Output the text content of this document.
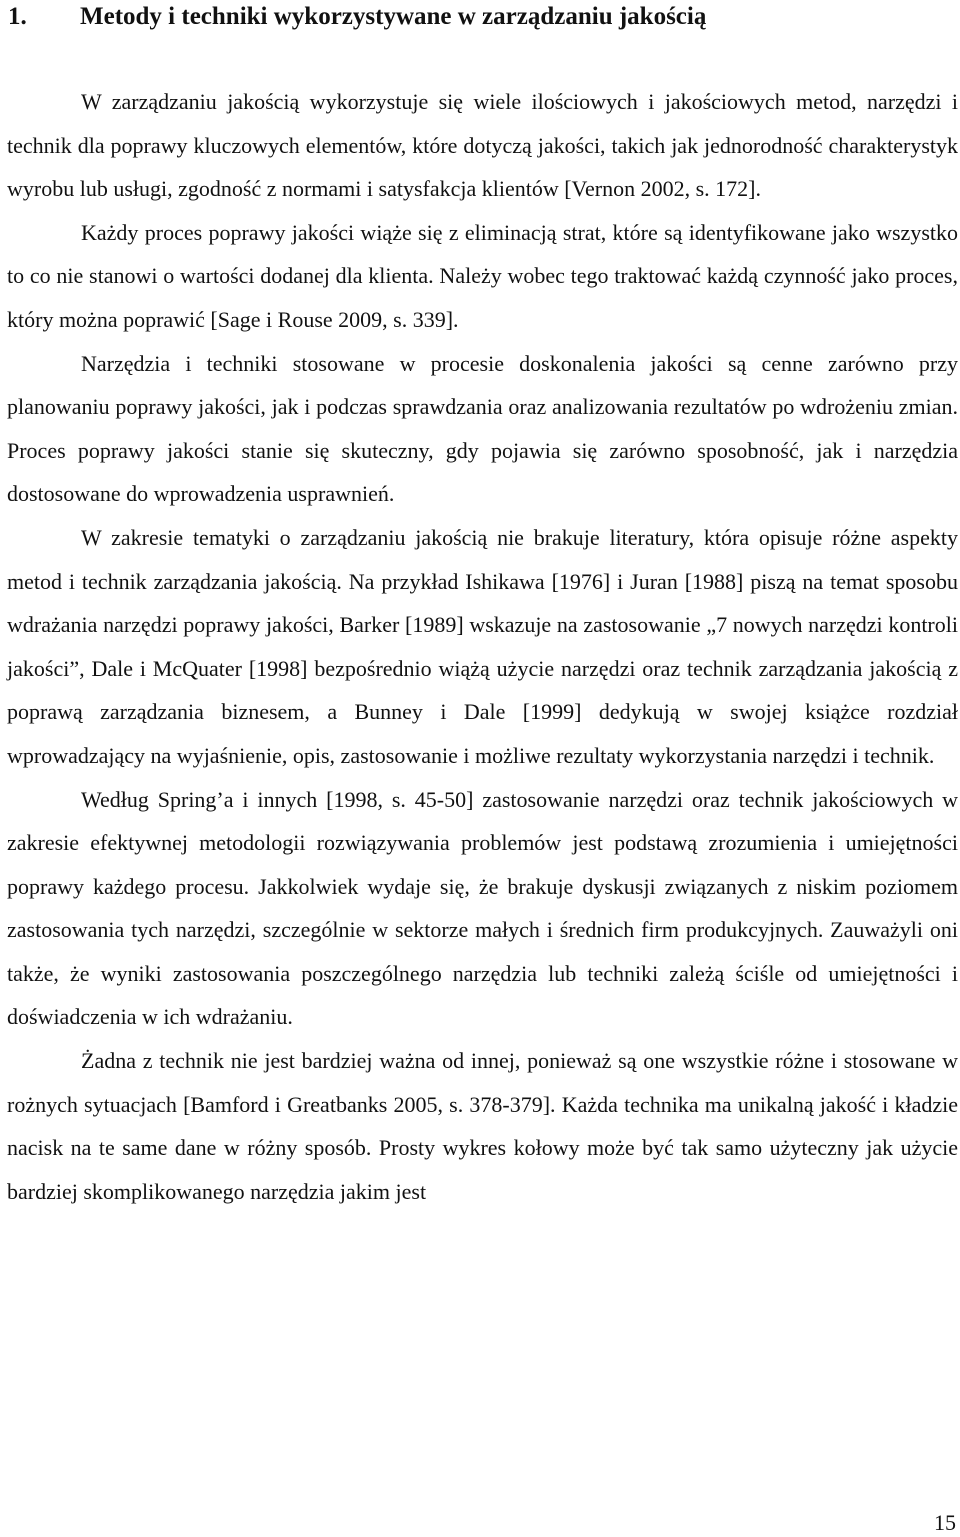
1. Metody i techniki wykorzystywane w zarządzaniu jakością

W zarządzaniu jakością wykorzystuje się wiele ilościowych i jakościowych metod, narzędzi i technik dla poprawy kluczowych elementów, które dotyczą jakości, takich jak jednorodność charakterystyk wyrobu lub usługi, zgodność z normami i satysfakcja klientów [Vernon 2002, s. 172].

Każdy proces poprawy jakości wiąże się z eliminacją strat, które są identyfikowane jako wszystko to co nie stanowi o wartości dodanej dla klienta. Należy wobec tego traktować każdą czynność jako proces, który można poprawić [Sage i Rouse 2009, s. 339].

Narzędzia i techniki stosowane w procesie doskonalenia jakości są cenne zarówno przy planowaniu poprawy jakości, jak i podczas sprawdzania oraz analizowania rezultatów po wdrożeniu zmian. Proces poprawy jakości stanie się skuteczny, gdy pojawia się zarówno sposobność, jak i narzędzia dostosowane do wprowadzenia usprawnień.

W zakresie tematyki o zarządzaniu jakością nie brakuje literatury, która opisuje różne aspekty metod i technik zarządzania jakością. Na przykład Ishikawa [1976] i Juran [1988] piszą na temat sposobu wdrażania narzędzi poprawy jakości, Barker [1989] wskazuje na zastosowanie „7 nowych narzędzi kontroli jakości”, Dale i McQuater [1998] bezpośrednio wiążą użycie narzędzi oraz technik zarządzania jakością z poprawą zarządzania biznesem, a Bunney i Dale [1999] dedykują w swojej książce rozdział wprowadzający na wyjaśnienie, opis, zastosowanie i możliwe rezultaty wykorzystania narzędzi i technik.

Według Spring’a i innych [1998, s. 45-50] zastosowanie narzędzi oraz technik jakościowych w zakresie efektywnej metodologii rozwiązywania problemów jest podstawą zrozumienia i umiejętności poprawy każdego procesu. Jakkolwiek wydaje się, że brakuje dyskusji związanych z niskim poziomem zastosowania tych narzędzi, szczególnie w sektorze małych i średnich firm produkcyjnych. Zauważyli oni także, że wyniki zastosowania poszczególnego narzędzia lub techniki zależą ściśle od umiejętności i doświadczenia w ich wdrażaniu.

Żadna z technik nie jest bardziej ważna od innej, ponieważ są one wszystkie różne i stosowane w rożnych sytuacjach [Bamford i Greatbanks 2005, s. 378-379]. Każda technika ma unikalną jakość i kładzie nacisk na te same dane w różny sposób. Prosty wykres kołowy może być tak samo użyteczny jak użycie bardziej skomplikowanego narzędzia jakim jest

15
